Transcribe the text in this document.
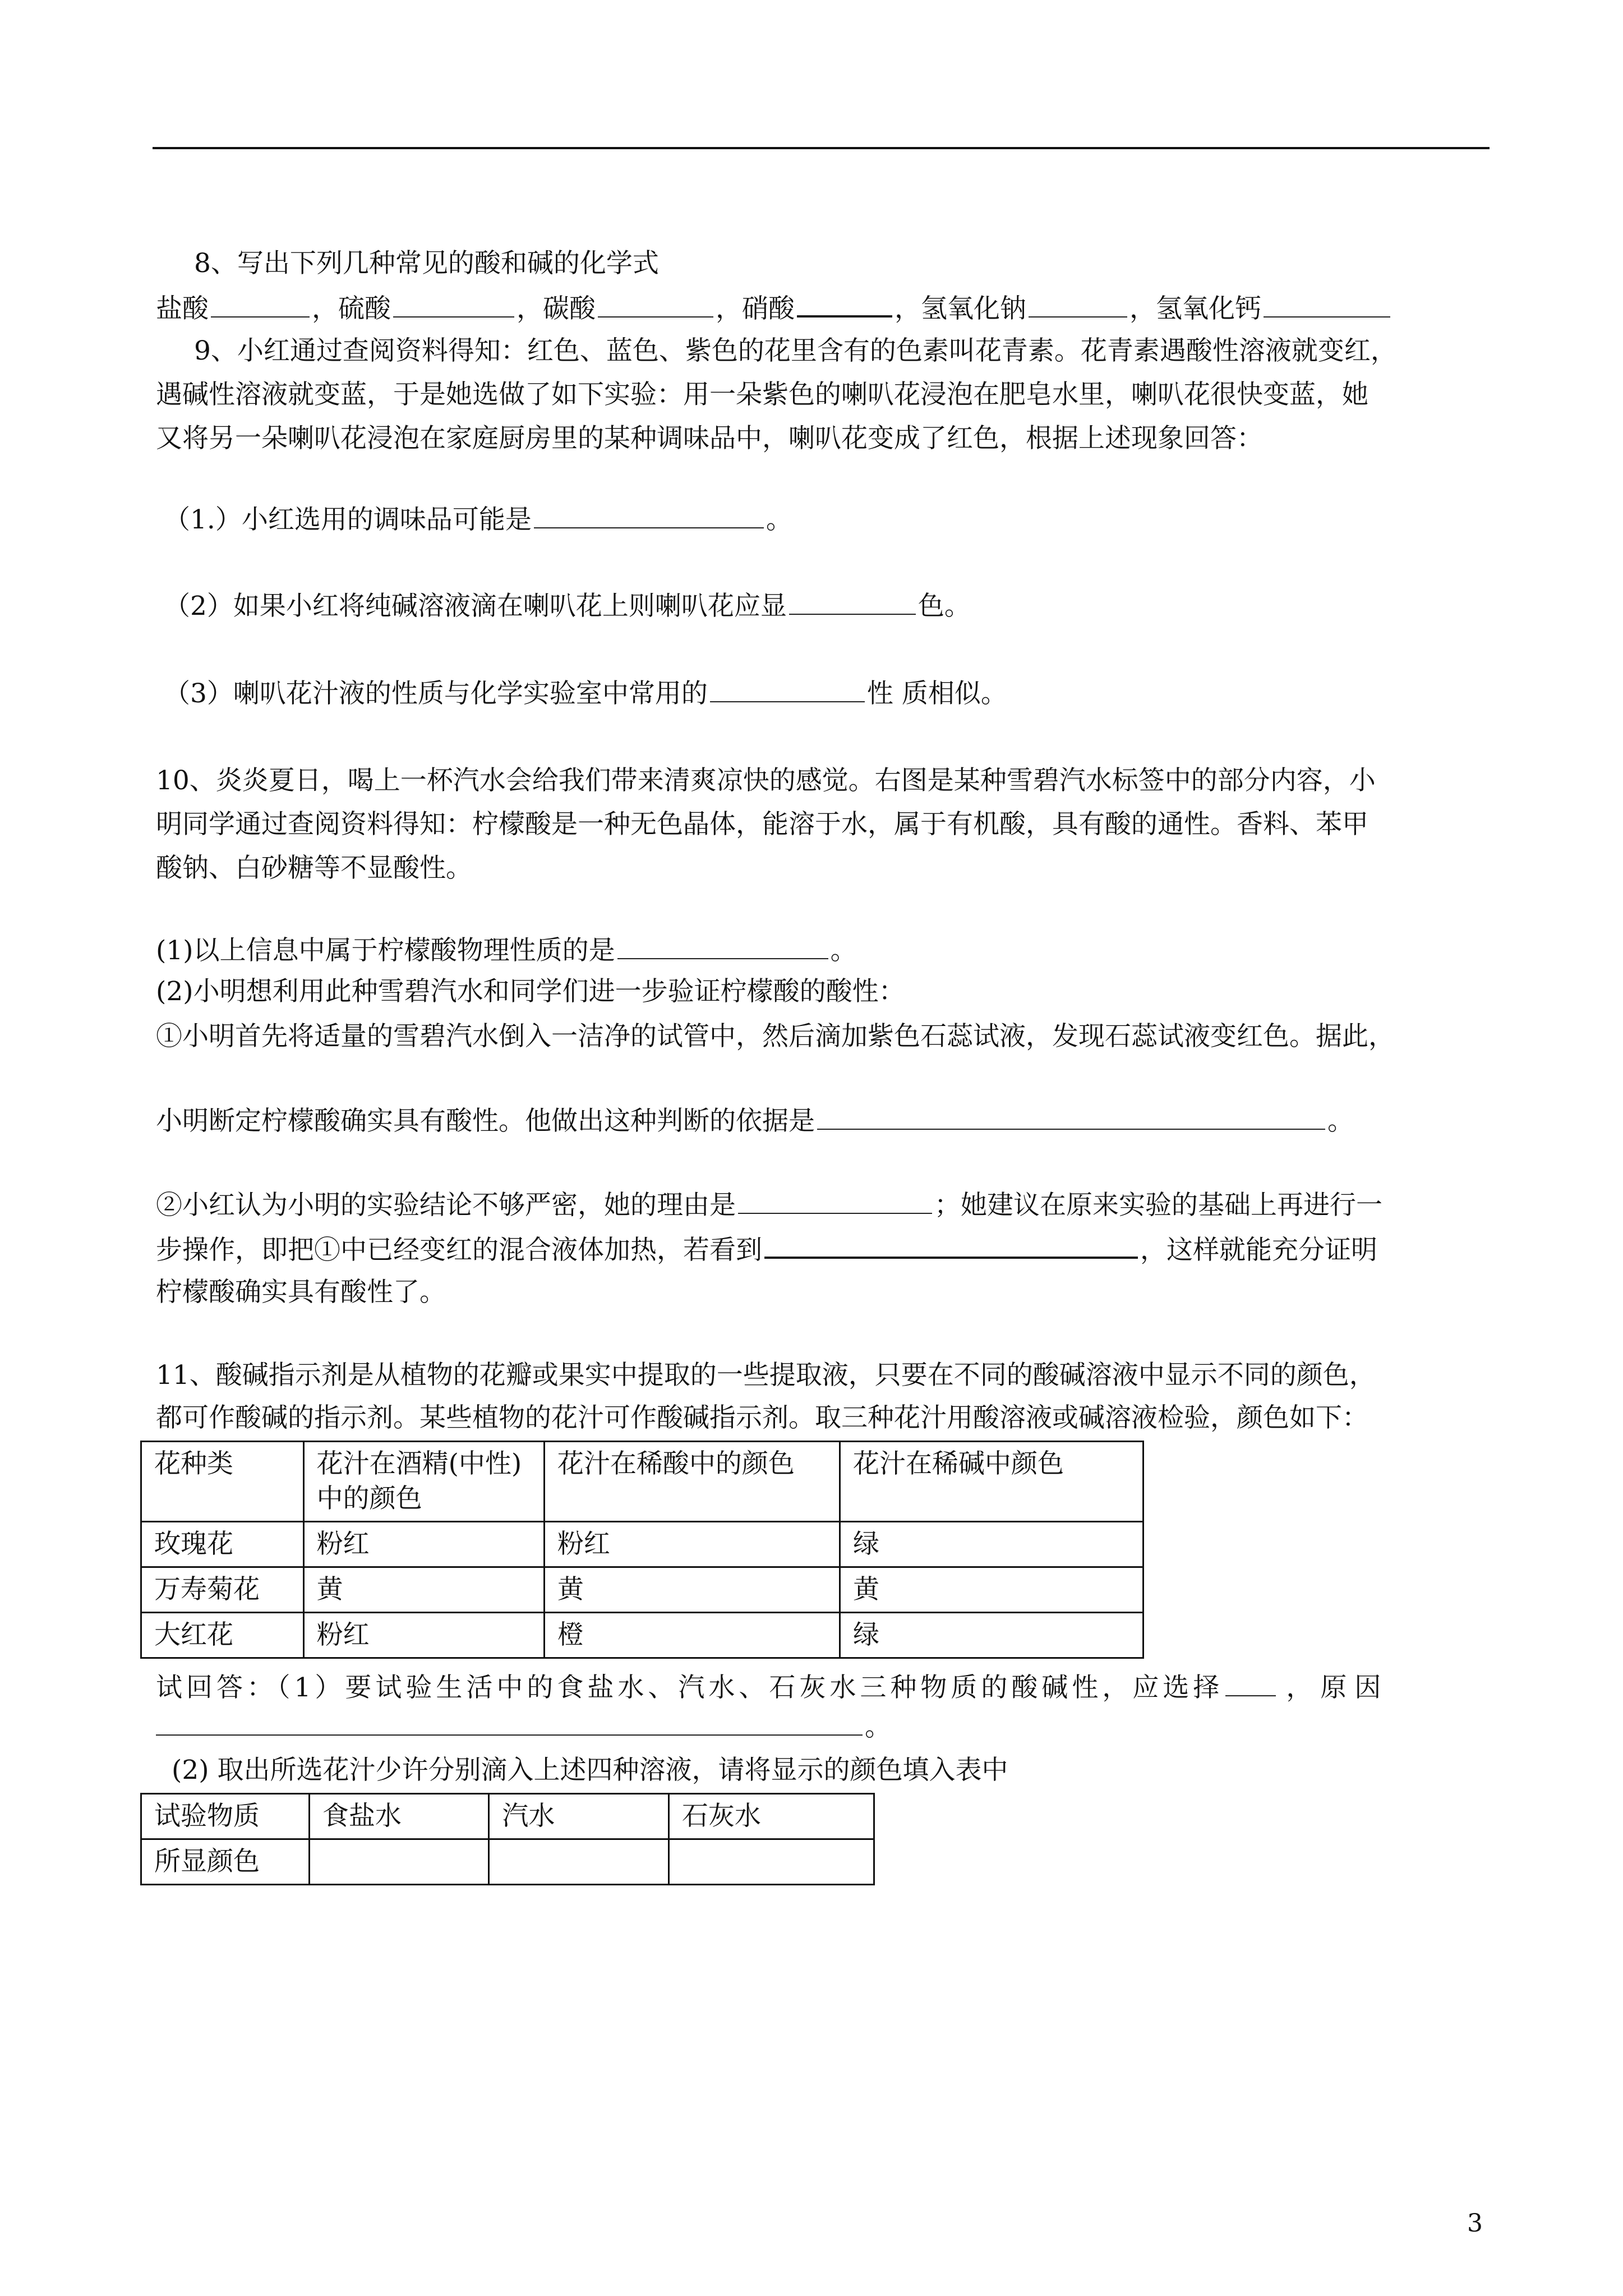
8、写出下列几种常见的酸和碱的化学式
盐酸	，硫酸	，碳酸	，硝酸	，氢氧化钠	，氢氧化钙
9、小红通过查阅资料得知：红色、蓝色、紫色的花里含有的色素叫花青素。花青素遇酸性溶液就变红，
遇碱性溶液就变蓝，于是她选做了如下实验：用一朵紫色的喇叭花浸泡在肥皂水里，喇叭花很快变蓝，她
又将另一朵喇叭花浸泡在家庭厨房里的某种调味品中，喇叭花变成了红色，根据上述现象回答：
（1.）小红选用的调味品可能是	。
（2）如果小红将纯碱溶液滴在喇叭花上则喇叭花应显	色。
（3）喇叭花汁液的性质与化学实验室中常用的	性 质相似。
10、炎炎夏日，喝上一杯汽水会给我们带来清爽凉快的感觉。右图是某种雪碧汽水标签中的部分内容，小
明同学通过查阅资料得知：柠檬酸是一种无色晶体，能溶于水，属于有机酸，具有酸的通性。香料、苯甲
酸钠、白砂糖等不显酸性。
(1)以上信息中属于柠檬酸物理性质的是	。
(2)小明想利用此种雪碧汽水和同学们进一步验证柠檬酸的酸性：
①小明首先将适量的雪碧汽水倒入一洁净的试管中，然后滴加紫色石蕊试液，发现石蕊试液变红色。据此，
小明断定柠檬酸确实具有酸性。他做出这种判断的依据是	。
②小红认为小明的实验结论不够严密，她的理由是	；她建议在原来实验的基础上再进行一
步操作，即把①中已经变红的混合液体加热，若看到	，这样就能充分证明
柠檬酸确实具有酸性了。
11、酸碱指示剂是从植物的花瓣或果实中提取的一些提取液，只要在不同的酸碱溶液中显示不同的颜色，
都可作酸碱的指示剂。某些植物的花汁可作酸碱指示剂。取三种花汁用酸溶液或碱溶液检验，颜色如下：
花种类	花汁在酒精(中性)中的颜色	花汁在稀酸中的颜色	花汁在稀碱中颜色
玫瑰花	粉红	粉红	绿
万寿菊花	黄	黄	黄
大红花	粉红	橙	绿
试回答：（1）要试验生活中的食盐水、汽水、石灰水三种物质的酸碱性，应选择 ，原因
。
(2) 取出所选花汁少许分别滴入上述四种溶液，请将显示的颜色填入表中
试验物质	食盐水	汽水	石灰水
所显颜色			
3
